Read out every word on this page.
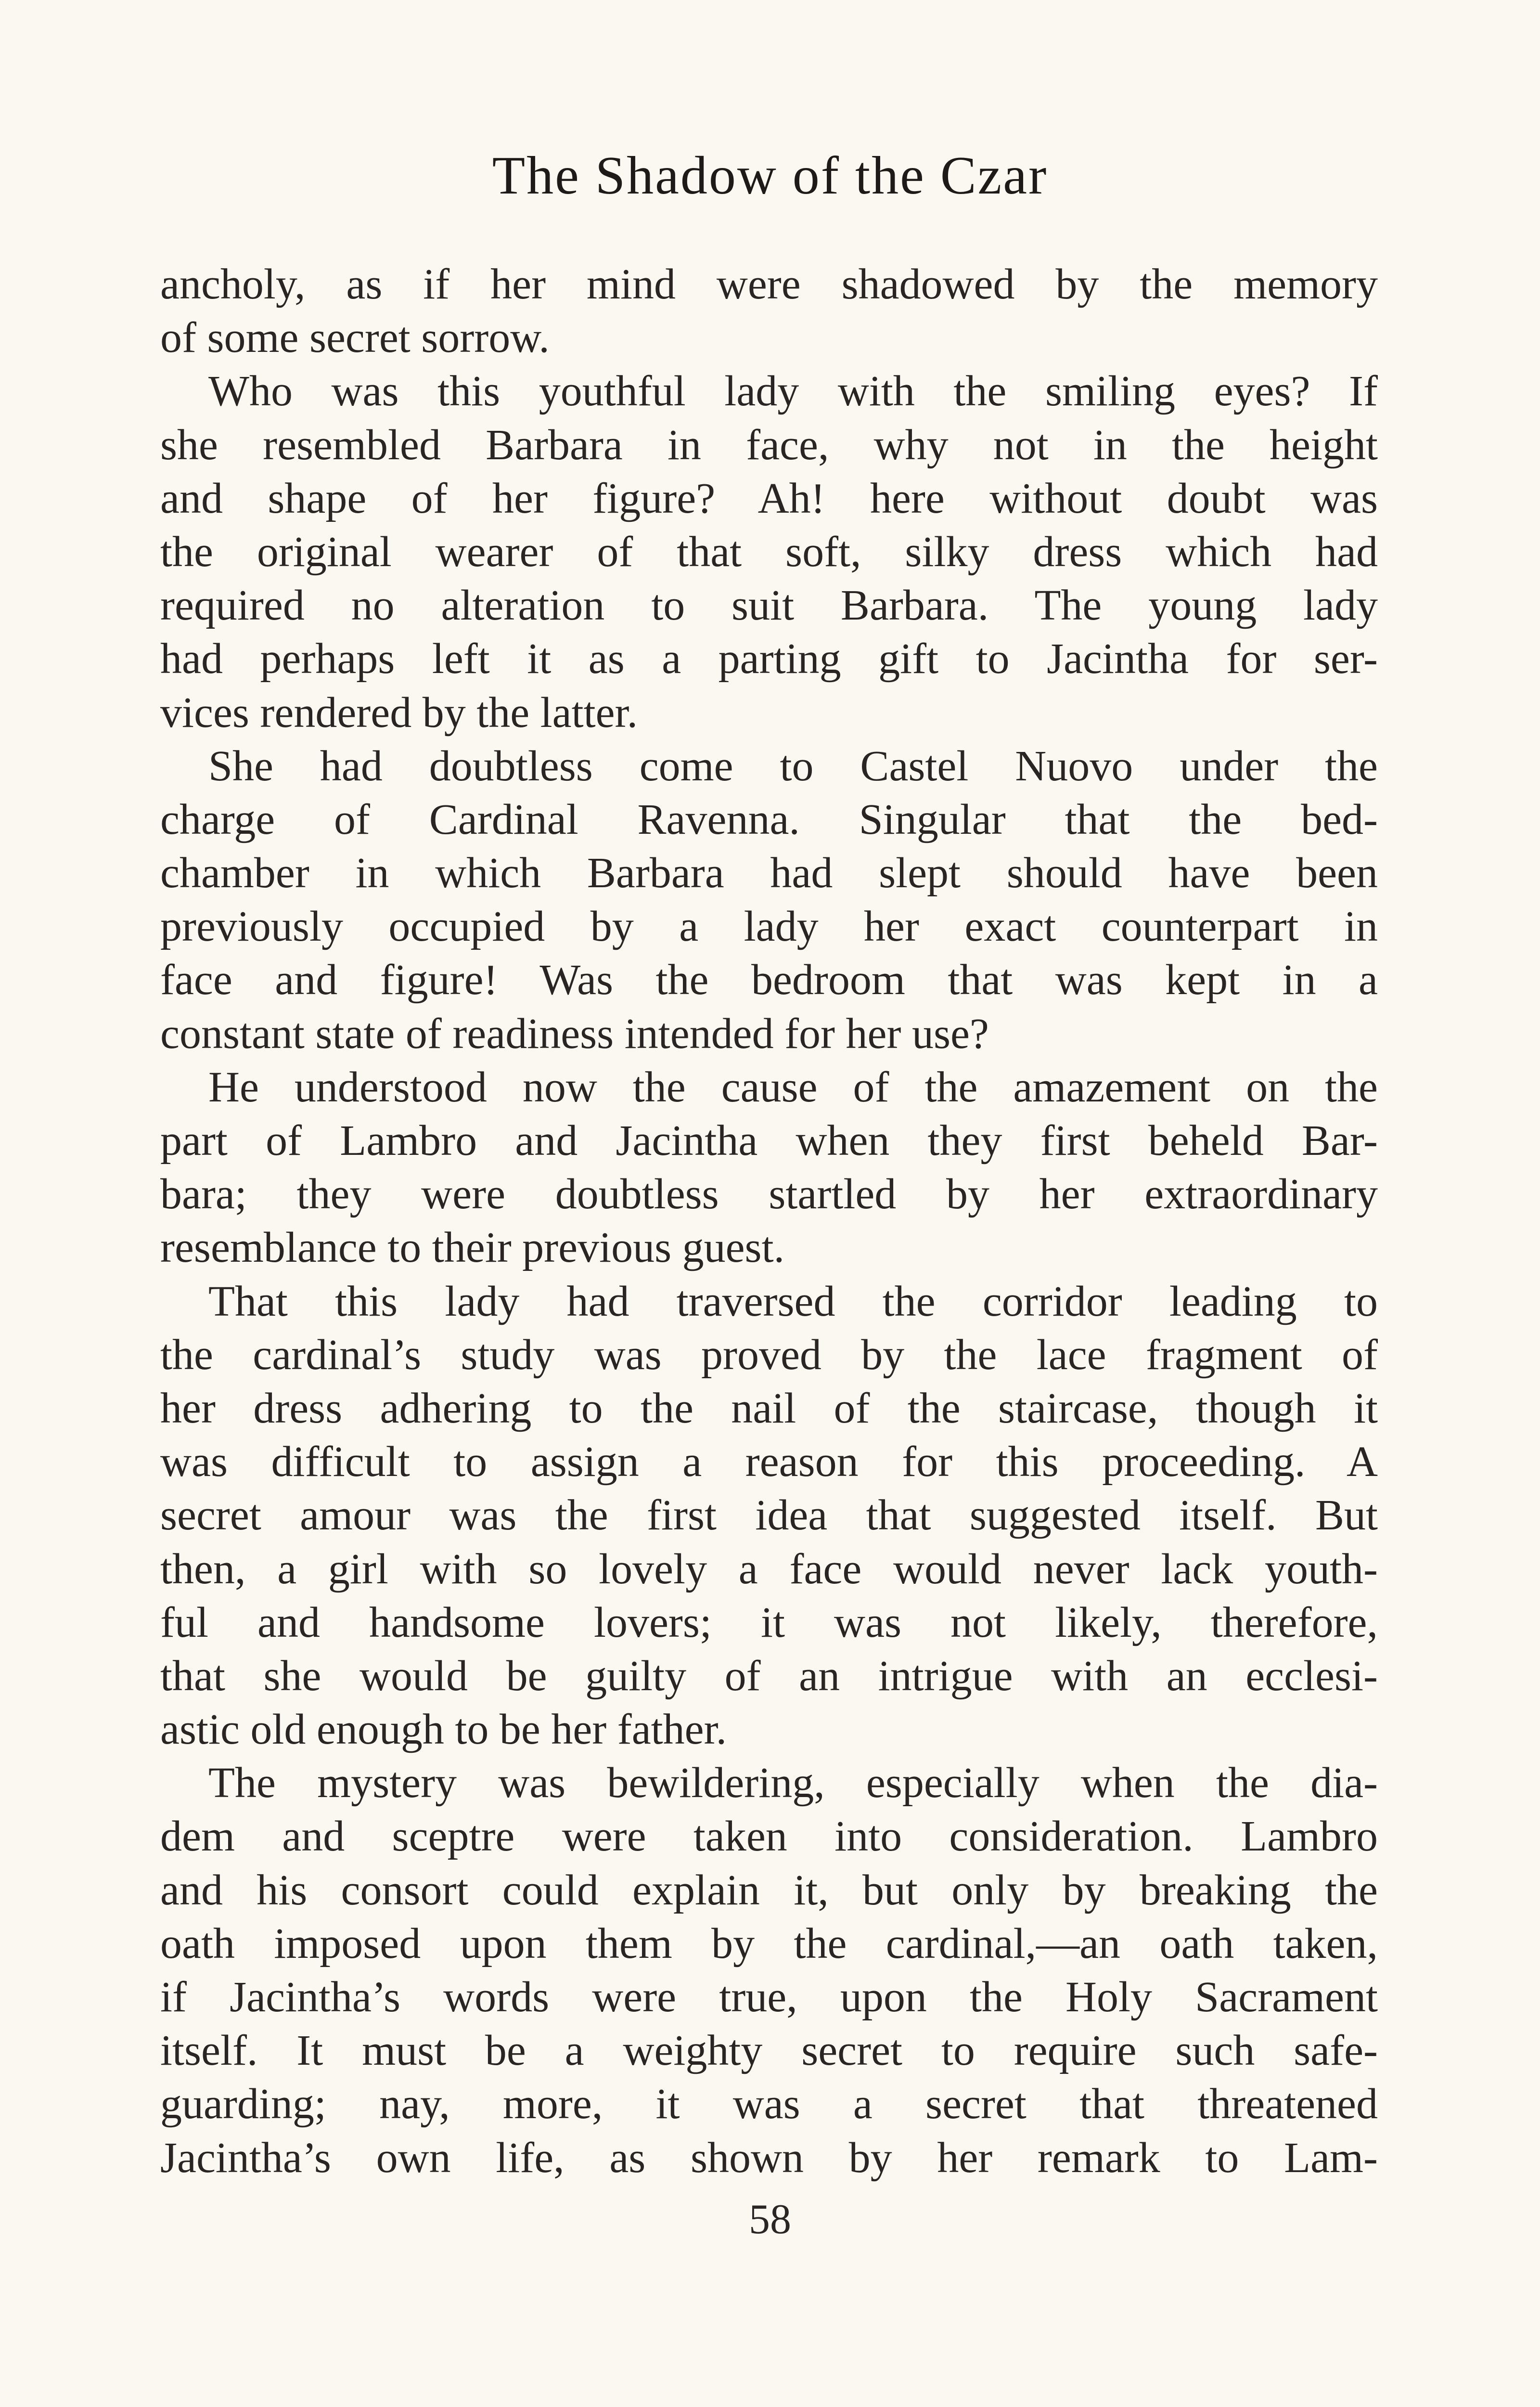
The Shadow of the Czar
ancholy, as if her mind were shadowed by the memory
of some secret sorrow.
Who was this youthful lady with the smiling eyes? If
she resembled Barbara in face, why not in the height
and shape of her figure? Ah! here without doubt was
the original wearer of that soft, silky dress which had
required no alteration to suit Barbara. The young lady
had perhaps left it as a parting gift to Jacintha for ser-
vices rendered by the latter.
She had doubtless come to Castel Nuovo under the
charge of Cardinal Ravenna. Singular that the bed-
chamber in which Barbara had slept should have been
previously occupied by a lady her exact counterpart in
face and figure! Was the bedroom that was kept in a
constant state of readiness intended for her use?
He understood now the cause of the amazement on the
part of Lambro and Jacintha when they first beheld Bar-
bara; they were doubtless startled by her extraordinary
resemblance to their previous guest.
That this lady had traversed the corridor leading to
the cardinal’s study was proved by the lace fragment of
her dress adhering to the nail of the staircase, though it
was difficult to assign a reason for this proceeding. A
secret amour was the first idea that suggested itself. But
then, a girl with so lovely a face would never lack youth-
ful and handsome lovers; it was not likely, therefore,
that she would be guilty of an intrigue with an ecclesi-
astic old enough to be her father.
The mystery was bewildering, especially when the dia-
dem and sceptre were taken into consideration. Lambro
and his consort could explain it, but only by breaking the
oath imposed upon them by the cardinal,—an oath taken,
if Jacintha’s words were true, upon the Holy Sacrament
itself. It must be a weighty secret to require such safe-
guarding; nay, more, it was a secret that threatened
Jacintha’s own life, as shown by her remark to Lam-
58
